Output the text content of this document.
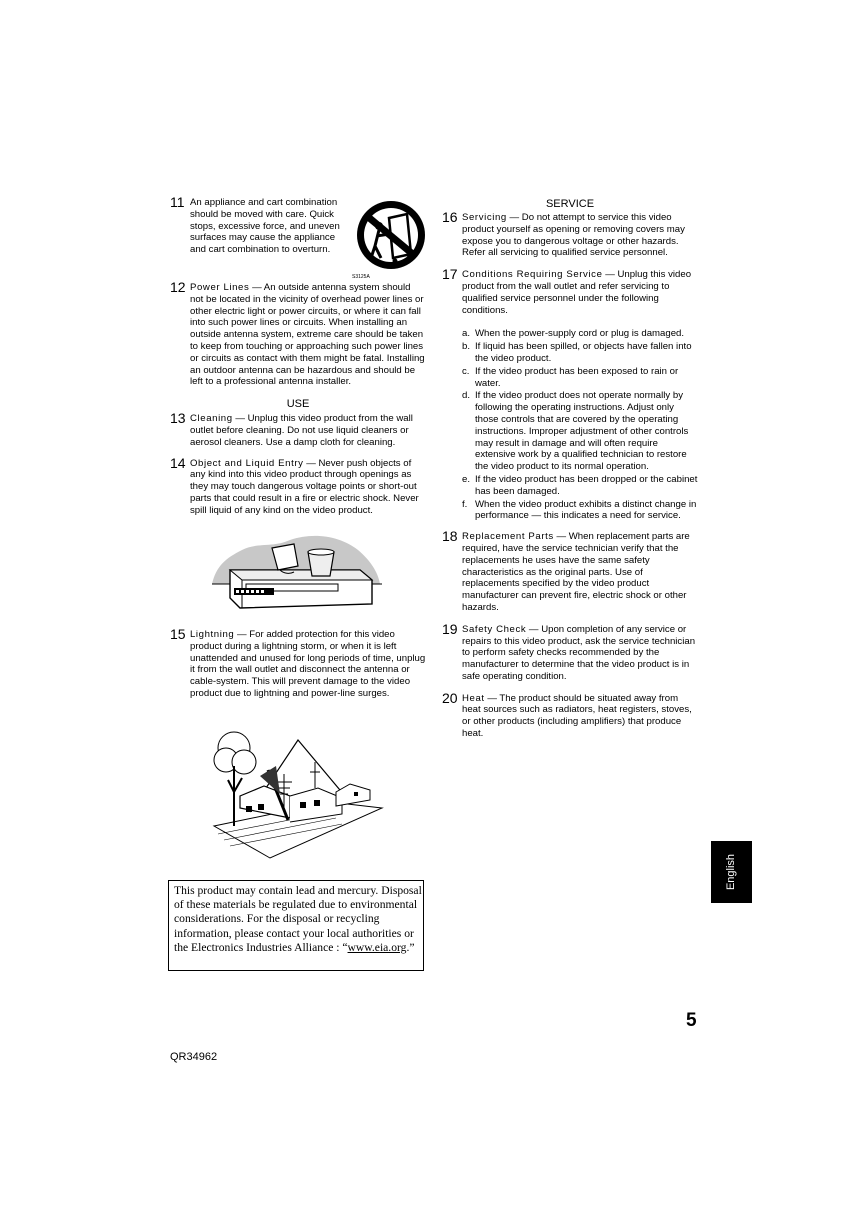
11 An appliance and cart combination should be moved with care. Quick stops, excessive force, and uneven surfaces may cause the appliance and cart combination to overturn.
12 Power Lines — An outside antenna system should not be located in the vicinity of overhead power lines or other electric light or power circuits, or where it can fall into such power lines or circuits. When installing an outside antenna system, extreme care should be taken to keep from touching or approaching such power lines or circuits as contact with them might be fatal. Installing an outdoor antenna can be hazardous and should be left to a professional antenna installer.

USE

13 Cleaning — Unplug this video product from the wall outlet before cleaning. Do not use liquid cleaners or aerosol cleaners. Use a damp cloth for cleaning.
14 Object and Liquid Entry — Never push objects of any kind into this video product through openings as they may touch dangerous voltage points or short-out parts that could result in a fire or electric shock. Never spill liquid of any kind on the video product.
S3125A
15 Lightning — For added protection for this video product during a lightning storm, or when it is left unattended and unused for long periods of time, unplug it from the wall outlet and disconnect the antenna or cable-system. This will prevent damage to the video product due to lightning and power-line surges.

SERVICE

16 Servicing — Do not attempt to service this video product yourself as opening or removing covers may expose you to dangerous voltage or other hazards. Refer all servicing to qualified service personnel.
17 Conditions Requiring Service — Unplug this video product from the wall outlet and refer servicing to qualified service personnel under the following conditions.
a. When the power-supply cord or plug is damaged.
b. If liquid has been spilled, or objects have fallen into the video product.
c. If the video product has been exposed to rain or water.
d. If the video product does not operate normally by following the operating instructions. Adjust only those controls that are covered by the operating instructions. Improper adjustment of other controls may result in damage and will often require extensive work by a qualified technician to restore the video product to its normal operation.
e. If the video product has been dropped or the cabinet has been damaged.
f. When the video product exhibits a distinct change in performance — this indicates a need for service.
18 Replacement Parts — When replacement parts are required, have the service technician verify that the replacements he uses have the same safety characteristics as the original parts. Use of replacements specified by the video product manufacturer can prevent fire, electric shock or other hazards.
19 Safety Check — Upon completion of any service or repairs to this video product, ask the service technician to perform safety checks recommended by the manufacturer to determine that the video product is in safe operating condition.
20 Heat — The product should be situated away from heat sources such as radiators, heat registers, stoves, or other products (including amplifiers) that produce heat.
This product may contain lead and mercury. Disposal of these materials be regulated due to environmental considerations. For the disposal or recycling information, please contact your local authorities or the Electronics Industries Alliance : “www.eia.org.”
English
5
QR34962
